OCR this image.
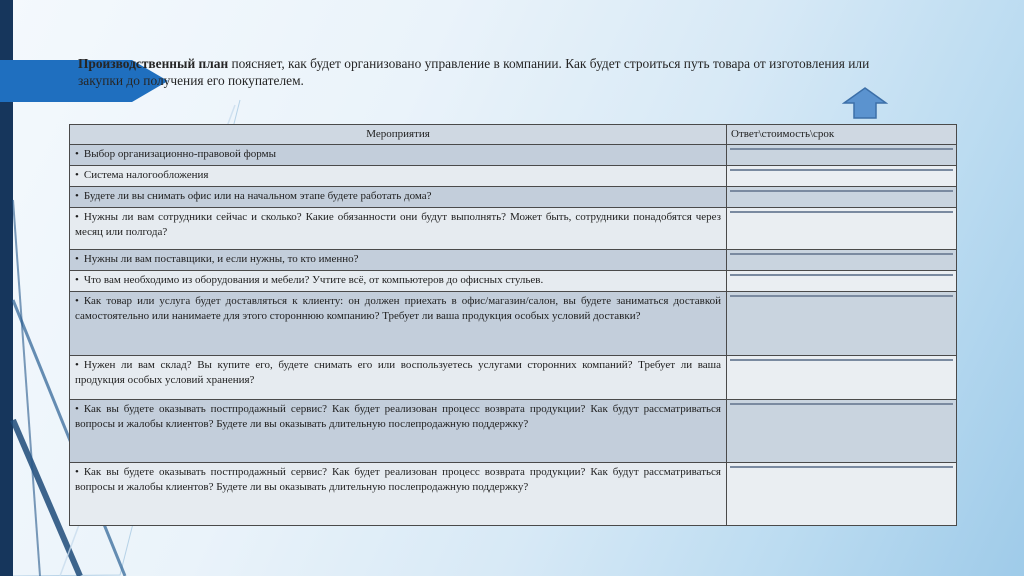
Производственный план поясняет, как будет организовано управление в компании. Как будет строиться путь товара от изготовления или закупки до получения его покупателем.
Мероприятия	Ответ\стоимость\срок
• Выбор организационно-правовой формы	

• Система налогообложения	

• Будете ли вы снимать офис или на начальном этапе будете работать дома?	

• Нужны ли вам сотрудники сейчас и сколько? Какие обязанности они будут выполнять? Может быть, сотрудники понадобятся через месяц или полгода?	

• Нужны ли вам поставщики, и если нужны, то кто именно?	

• Что вам необходимо из оборудования и мебели? Учтите всё, от компьютеров до офисных стульев.	

• Как товар или услуга будет доставляться к клиенту: он должен приехать в офис/магазин/салон, вы будете заниматься доставкой самостоятельно или нанимаете для этого стороннюю компанию? Требует ли ваша продукция особых условий доставки?	

• Нужен ли вам склад? Вы купите его, будете снимать его или воспользуетесь услугами сторонних компаний? Требует ли ваша продукция особых условий хранения?	

• Как вы будете оказывать постпродажный сервис? Как будет реализован процесс возврата продукции? Как будут рассматриваться вопросы и жалобы клиентов? Будете ли вы оказывать длительную послепродажную поддержку?	

• Как вы будете оказывать постпродажный сервис? Как будет реализован процесс возврата продукции? Как будут рассматриваться вопросы и жалобы клиентов? Будете ли вы оказывать длительную послепродажную поддержку?	
